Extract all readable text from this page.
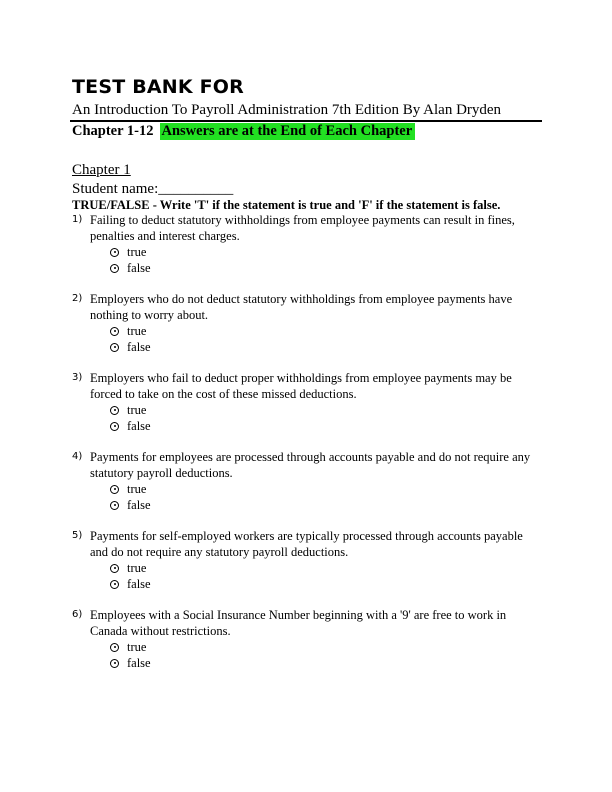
TEST BANK FOR
An Introduction To Payroll Administration 7th Edition By Alan Dryden
Chapter 1-12 Answers are at the End of Each Chapter
Chapter 1
Student name:__________
TRUE/FALSE - Write 'T' if the statement is true and 'F' if the statement is false.
1) Failing to deduct statutory withholdings from employee payments can result in fines, penalties and interest charges.
true
false
2) Employers who do not deduct statutory withholdings from employee payments have nothing to worry about.
true
false
3) Employers who fail to deduct proper withholdings from employee payments may be forced to take on the cost of these missed deductions.
true
false
4) Payments for employees are processed through accounts payable and do not require any statutory payroll deductions.
true
false
5) Payments for self-employed workers are typically processed through accounts payable and do not require any statutory payroll deductions.
true
false
6) Employees with a Social Insurance Number beginning with a '9' are free to work in Canada without restrictions.
true
false
